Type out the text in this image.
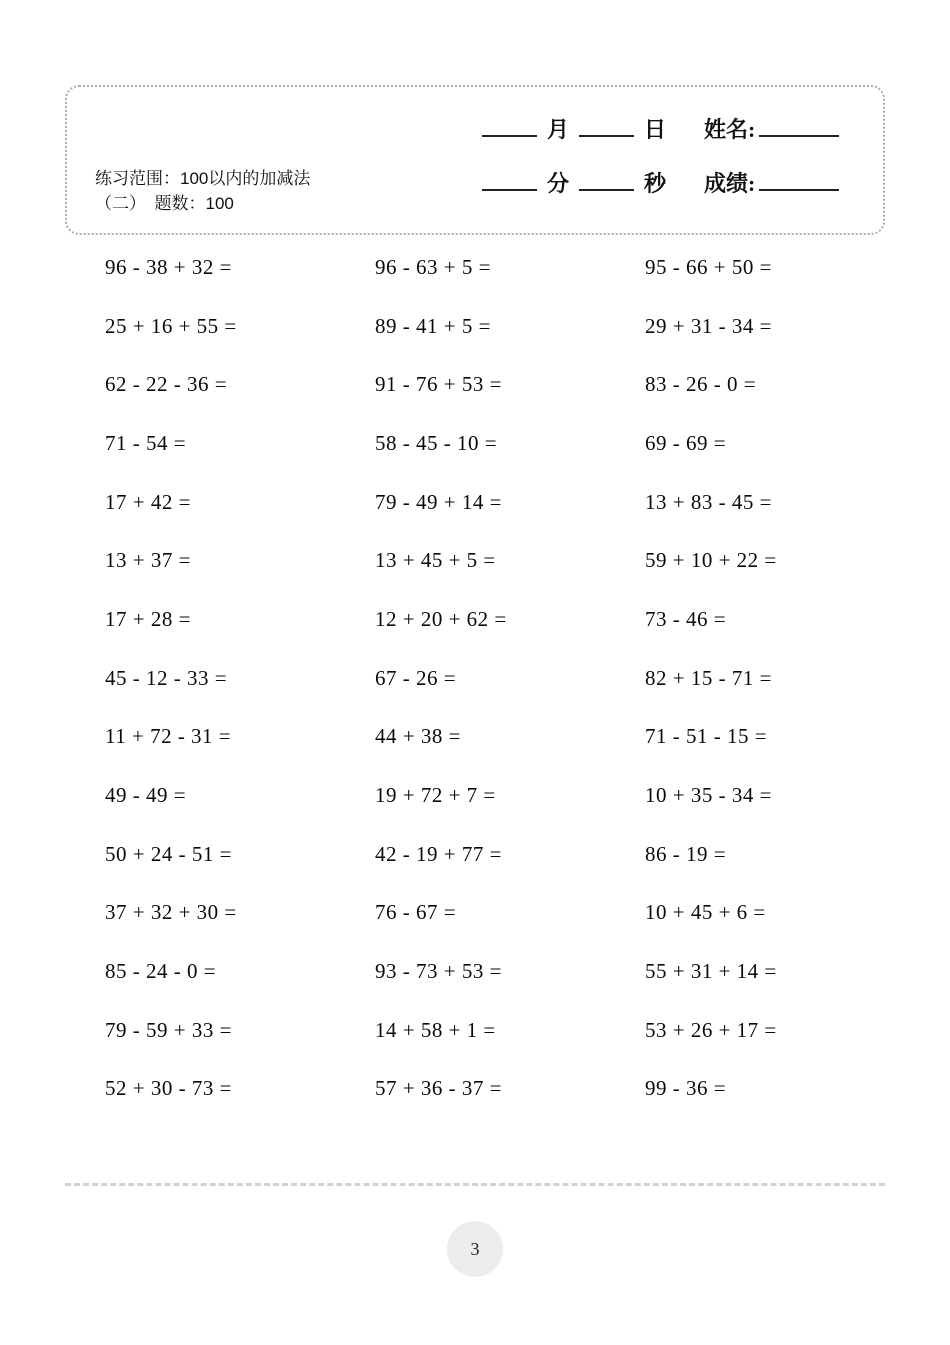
练习范围：100以内的加减法
（二）　题数：100
月	日 姓名:
分	秒 成绩:
96 - 38 + 32 =	96 - 63 + 5 =	95 - 66 + 50 =
25 + 16 + 55 =	89 - 41 + 5 =	29 + 31 - 34 =
62 - 22 - 36 =	91 - 76 + 53 =	83 - 26 - 0 =
71 - 54 =	58 - 45 - 10 =	69 - 69 =
17 + 42 =	79 - 49 + 14 =	13 + 83 - 45 =
13 + 37 =	13 + 45 + 5 =	59 + 10 + 22 =
17 + 28 =	12 + 20 + 62 =	73 - 46 =
45 - 12 - 33 =	67 - 26 =	82 + 15 - 71 =
11 + 72 - 31 =	44 + 38 =	71 - 51 - 15 =
49 - 49 =	19 + 72 + 7 =	10 + 35 - 34 =
50 + 24 - 51 =	42 - 19 + 77 =	86 - 19 =
37 + 32 + 30 =	76 - 67 =	10 + 45 + 6 =
85 - 24 - 0 =	93 - 73 + 53 =	55 + 31 + 14 =
79 - 59 + 33 =	14 + 58 + 1 =	53 + 26 + 17 =
52 + 30 - 73 =	57 + 36 - 37 =	99 - 36 =
3
